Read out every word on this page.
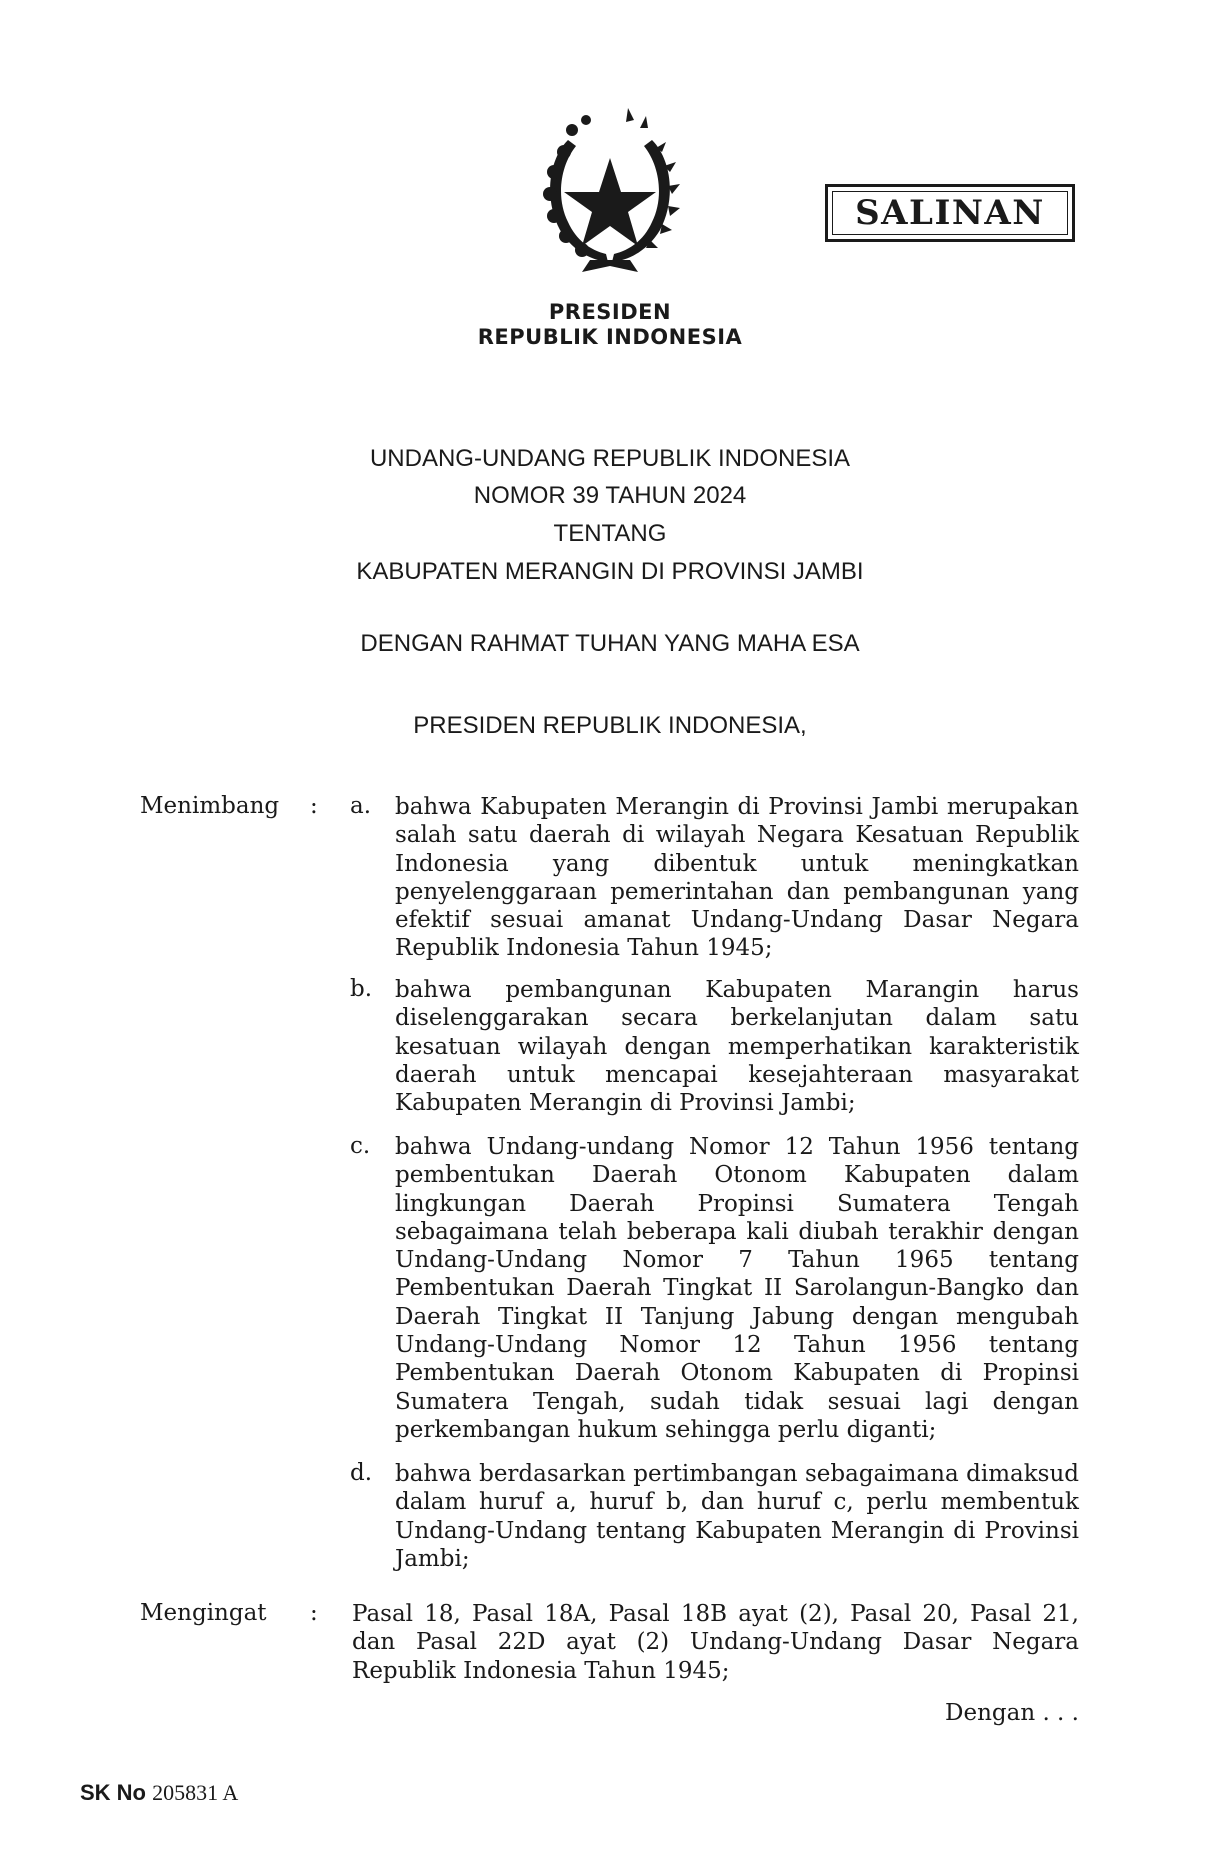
PRESIDEN
REPUBLIK INDONESIA
SALINAN
UNDANG-UNDANG REPUBLIK INDONESIA
NOMOR 39 TAHUN 2024
TENTANG
KABUPATEN MERANGIN DI PROVINSI JAMBI
DENGAN RAHMAT TUHAN YANG MAHA ESA
PRESIDEN REPUBLIK INDONESIA,
Menimbang : a. bahwa Kabupaten Merangin di Provinsi Jambi merupakan salah satu daerah di wilayah Negara Kesatuan Republik Indonesia yang dibentuk untuk meningkatkan penyelenggaraan pemerintahan dan pembangunan yang efektif sesuai amanat Undang-Undang Dasar Negara Republik Indonesia Tahun 1945;
b. bahwa pembangunan Kabupaten Marangin harus diselenggarakan secara berkelanjutan dalam satu kesatuan wilayah dengan memperhatikan karakteristik daerah untuk mencapai kesejahteraan masyarakat Kabupaten Merangin di Provinsi Jambi;
c. bahwa Undang-undang Nomor 12 Tahun 1956 tentang pembentukan Daerah Otonom Kabupaten dalam lingkungan Daerah Propinsi Sumatera Tengah sebagaimana telah beberapa kali diubah terakhir dengan Undang-Undang Nomor 7 Tahun 1965 tentang Pembentukan Daerah Tingkat II Sarolangun-Bangko dan Daerah Tingkat II Tanjung Jabung dengan mengubah Undang-Undang Nomor 12 Tahun 1956 tentang Pembentukan Daerah Otonom Kabupaten di Propinsi Sumatera Tengah, sudah tidak sesuai lagi dengan perkembangan hukum sehingga perlu diganti;
d. bahwa berdasarkan pertimbangan sebagaimana dimaksud dalam huruf a, huruf b, dan huruf c, perlu membentuk Undang-Undang tentang Kabupaten Merangin di Provinsi Jambi;
Mengingat : Pasal 18, Pasal 18A, Pasal 18B ayat (2), Pasal 20, Pasal 21, dan Pasal 22D ayat (2) Undang-Undang Dasar Negara Republik Indonesia Tahun 1945;
Dengan . . .
SK No 205831 A
